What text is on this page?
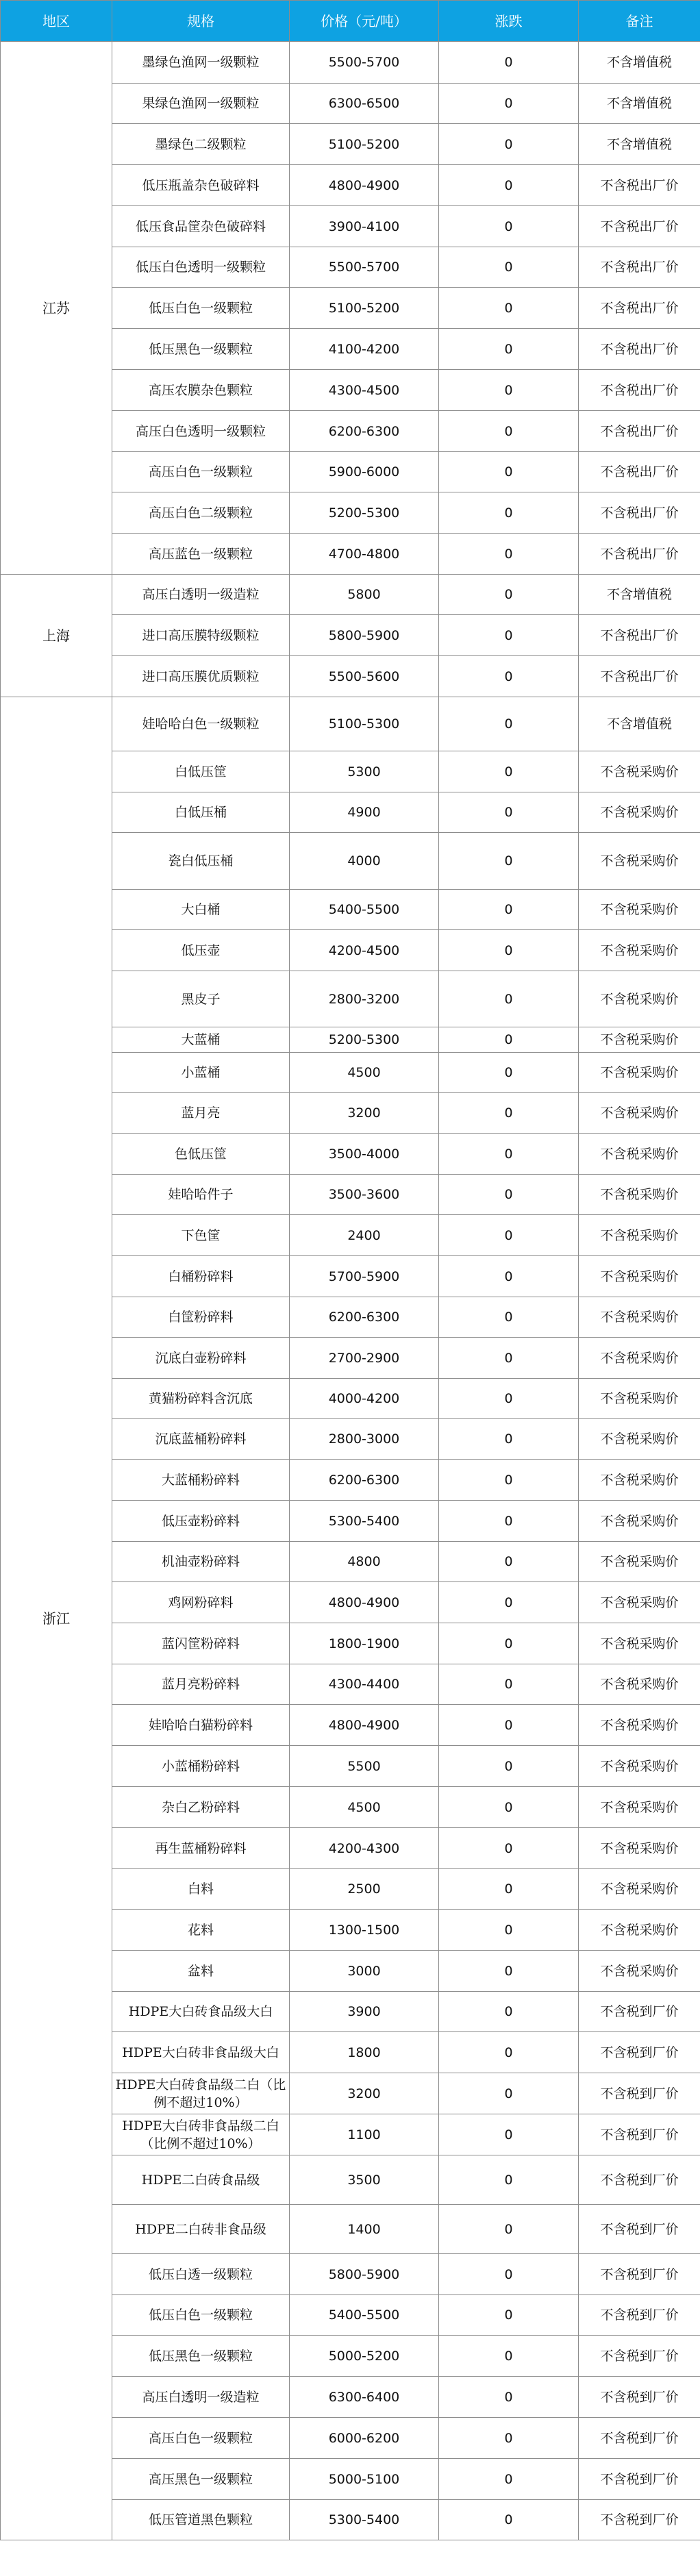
地区	规格	价格（元/吨）	涨跌	备注
江苏	墨绿色渔网一级颗粒	5500-5700	0	不含增值税
	果绿色渔网一级颗粒	6300-6500	0	不含增值税
	墨绿色二级颗粒	5100-5200	0	不含增值税
	低压瓶盖杂色破碎料	4800-4900	0	不含税出厂价
	低压食品筐杂色破碎料	3900-4100	0	不含税出厂价
	低压白色透明一级颗粒	5500-5700	0	不含税出厂价
	低压白色一级颗粒	5100-5200	0	不含税出厂价
	低压黑色一级颗粒	4100-4200	0	不含税出厂价
	高压农膜杂色颗粒	4300-4500	0	不含税出厂价
	高压白色透明一级颗粒	6200-6300	0	不含税出厂价
	高压白色一级颗粒	5900-6000	0	不含税出厂价
	高压白色二级颗粒	5200-5300	0	不含税出厂价
	高压蓝色一级颗粒	4700-4800	0	不含税出厂价
上海	高压白透明一级造粒	5800	0	不含增值税
	进口高压膜特级颗粒	5800-5900	0	不含税出厂价
	进口高压膜优质颗粒	5500-5600	0	不含税出厂价
浙江	娃哈哈白色一级颗粒	5100-5300	0	不含增值税
	白低压筐	5300	0	不含税采购价
	白低压桶	4900	0	不含税采购价
	瓷白低压桶	4000	0	不含税采购价
	大白桶	5400-5500	0	不含税采购价
	低压壶	4200-4500	0	不含税采购价
	黑皮子	2800-3200	0	不含税采购价
	大蓝桶	5200-5300	0	不含税采购价
	小蓝桶	4500	0	不含税采购价
	蓝月亮	3200	0	不含税采购价
	色低压筐	3500-4000	0	不含税采购价
	娃哈哈件子	3500-3600	0	不含税采购价
	下色筐	2400	0	不含税采购价
	白桶粉碎料	5700-5900	0	不含税采购价
	白筐粉碎料	6200-6300	0	不含税采购价
	沉底白壶粉碎料	2700-2900	0	不含税采购价
	黄猫粉碎料含沉底	4000-4200	0	不含税采购价
	沉底蓝桶粉碎料	2800-3000	0	不含税采购价
	大蓝桶粉碎料	6200-6300	0	不含税采购价
	低压壶粉碎料	5300-5400	0	不含税采购价
	机油壶粉碎料	4800	0	不含税采购价
	鸡网粉碎料	4800-4900	0	不含税采购价
	蓝闪筐粉碎料	1800-1900	0	不含税采购价
	蓝月亮粉碎料	4300-4400	0	不含税采购价
	娃哈哈白猫粉碎料	4800-4900	0	不含税采购价
	小蓝桶粉碎料	5500	0	不含税采购价
	杂白乙粉碎料	4500	0	不含税采购价
	再生蓝桶粉碎料	4200-4300	0	不含税采购价
	白料	2500	0	不含税采购价
	花料	1300-1500	0	不含税采购价
	盆料	3000	0	不含税采购价
	HDPE大白砖食品级大白	3900	0	不含税到厂价
	HDPE大白砖非食品级大白	1800	0	不含税到厂价
	HDPE大白砖食品级二白（比例不超过10%）	3200	0	不含税到厂价
	HDPE大白砖非食品级二白（比例不超过10%）	1100	0	不含税到厂价
	HDPE二白砖食品级	3500	0	不含税到厂价
	HDPE二白砖非食品级	1400	0	不含税到厂价
	低压白透一级颗粒	5800-5900	0	不含税到厂价
	低压白色一级颗粒	5400-5500	0	不含税到厂价
	低压黑色一级颗粒	5000-5200	0	不含税到厂价
	高压白透明一级造粒	6300-6400	0	不含税到厂价
	高压白色一级颗粒	6000-6200	0	不含税到厂价
	高压黑色一级颗粒	5000-5100	0	不含税到厂价
	低压管道黑色颗粒	5300-5400	0	不含税到厂价
